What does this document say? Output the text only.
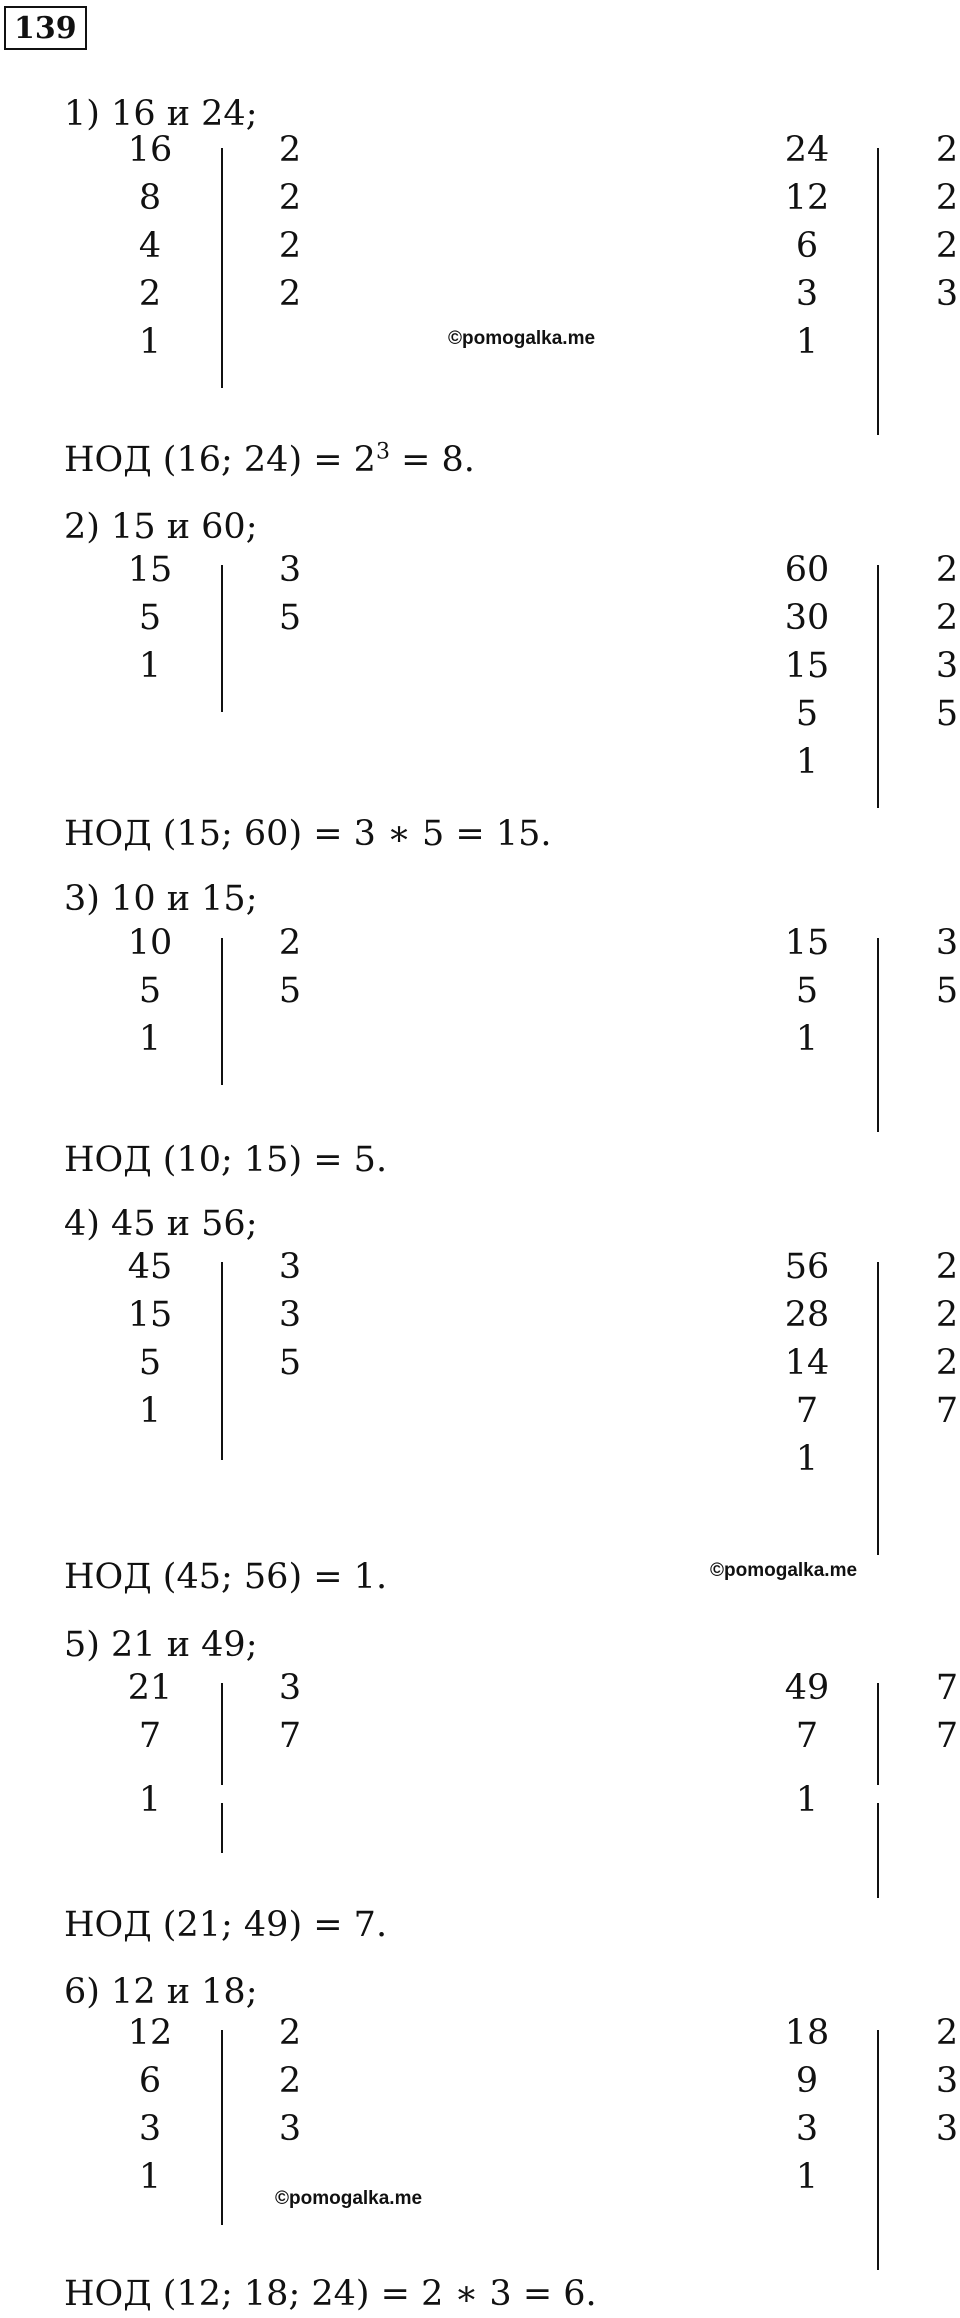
139
1) 16 и 24;
НОД (16; $24) = 2^3 = 8$.
16
8
4
2
1
2
2
2
2
24
12
6
3
1
2
2
2
3
2) 15 и 60;
НОД (15; 60) = 3 ∗ 5 = 15.
15
5
1
3
5
60
30
15
5
1
2
2
3
5
3) 10 и 15;
НОД (10; 15) = 5.
10
5
1
2
5
15
5
1
3
5
4) 45 и 56;
НОД (45; 56) = 1.
45
15
5
1
3
3
5
56
28
14
7
1
2
2
2
7
5) 21 и 49;
НОД (21; 49) = 7.
21
7
1
3
7
49
7
1
7
7
6) 12 и 18;
НОД (12; 18; 24) = 2 ∗ 3 = 6.
12
6
3
1
2
2
3
18
9
3
1
2
3
3
©pomogalka.me
©pomogalka.me
©pomogalka.me
